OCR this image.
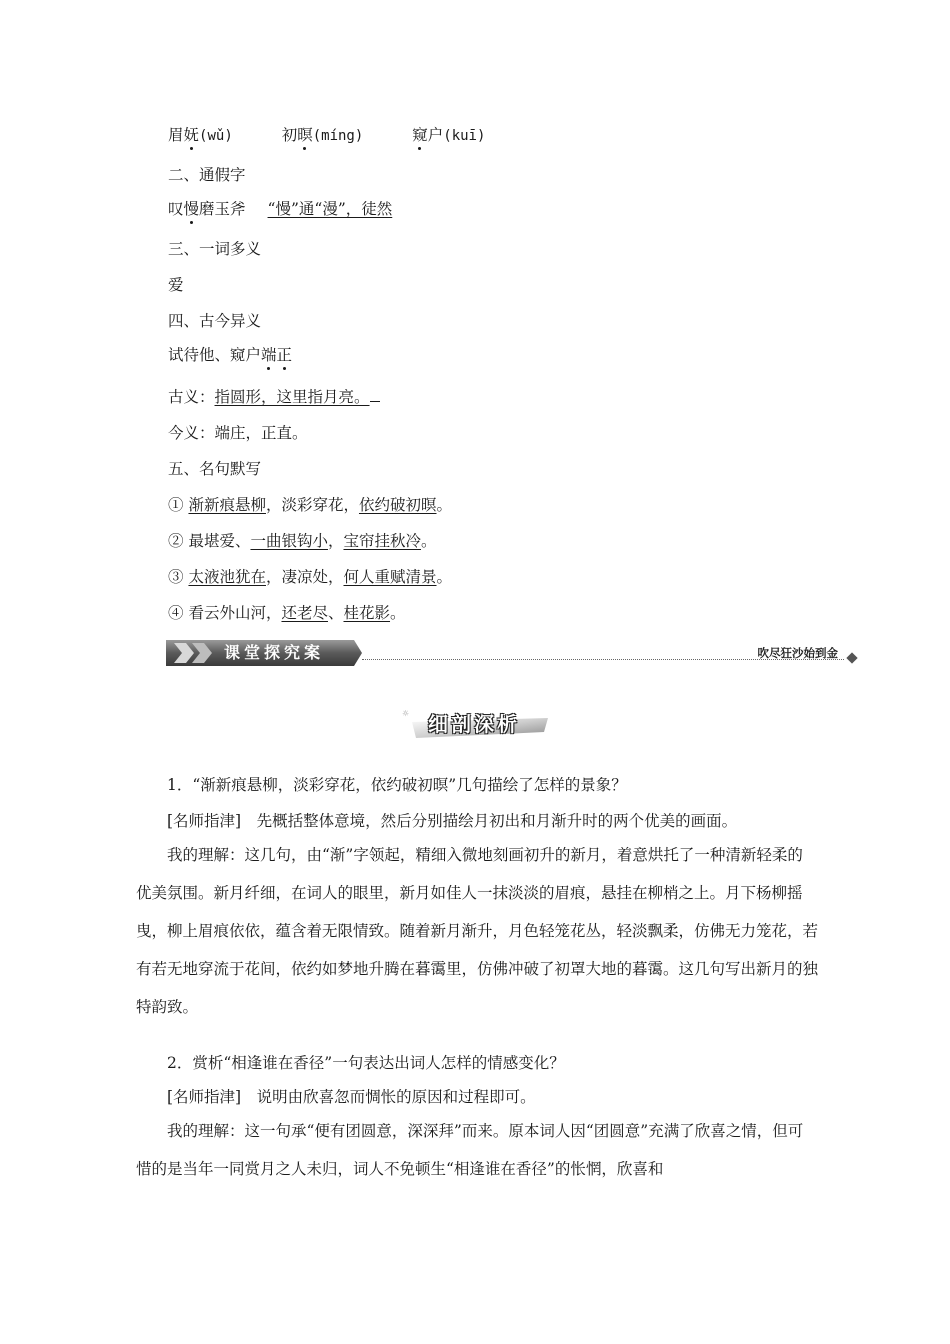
眉妩(wǔ)	初暝(míng)	窥户(kuī)
二、通假字
叹慢磨玉斧 “慢”通“漫”，徒然
三、一词多义
爱
四、古今异义
试待他、窥户端正
古义：指圆形，这里指月亮。
今义：端庄，正直。
五、名句默写
① 渐新痕悬柳，淡彩穿花，依约破初暝。
② 最堪爱、一曲银钩小，宝帘挂秋冷。
③ 太液池犹在，凄凉处，何人重赋清景。
④ 看云外山河，还老尽、桂花影。
课堂探究案	吹尽狂沙始到金
☼ 细剖深析
1．“渐新痕悬柳，淡彩穿花，依约破初暝”几句描绘了怎样的景象？
[名师指津]　先概括整体意境，然后分别描绘月初出和月渐升时的两个优美的画面。
我的理解：这几句，由“渐”字领起，精细入微地刻画初升的新月，着意烘托了一种清新轻柔的优美氛围。新月纤细，在词人的眼里，新月如佳人一抹淡淡的眉痕，悬挂在柳梢之上。月下杨柳摇曳，柳上眉痕依依，蕴含着无限情致。随着新月渐升，月色轻笼花丛，轻淡飘柔，仿佛无力笼花，若有若无地穿流于花间，依约如梦地升腾在暮霭里，仿佛冲破了初罩大地的暮霭。这几句写出新月的独特韵致。
2．赏析“相逢谁在香径”一句表达出词人怎样的情感变化？
[名师指津]　说明由欣喜忽而惆怅的原因和过程即可。
我的理解：这一句承“便有团圆意，深深拜”而来。原本词人因“团圆意”充满了欣喜之情，但可惜的是当年一同赏月之人未归，词人不免顿生“相逢谁在香径”的怅惘，欣喜和
